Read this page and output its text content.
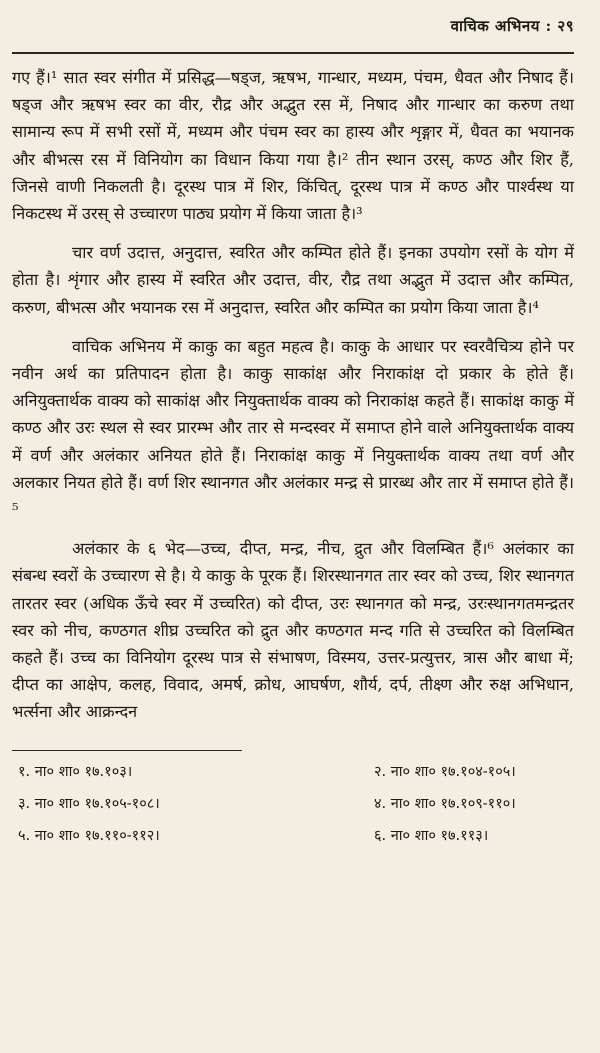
वाचिक अभिनय : २९

गए हैं।¹ सात स्वर संगीत में प्रसिद्ध—षड्ज, ऋषभ, गान्धार, मध्यम, पंचम, धैवत और निषाद हैं। षड्ज और ऋषभ स्वर का वीर, रौद्र और अद्भुत रस में, निषाद और गान्धार का करुण तथा सामान्य रूप में सभी रसों में, मध्यम और पंचम स्वर का हास्य और शृङ्गार में, धैवत का भयानक और बीभत्स रस में विनियोग का विधान किया गया है।² तीन स्थान उरस्, कण्ठ और शिर हैं, जिनसे वाणी निकलती है। दूरस्थ पात्र में शिर, किंचित्, दूरस्थ पात्र में कण्ठ और पार्श्वस्थ या निकटस्थ में उरस् से उच्चारण पाठ्य प्रयोग में किया जाता है।³

चार वर्ण उदात्त, अनुदात्त, स्वरित और कम्पित होते हैं। इनका उपयोग रसों के योग में होता है। शृंगार और हास्य में स्वरित और उदात्त, वीर, रौद्र तथा अद्भुत में उदात्त और कम्पित, करुण, बीभत्स और भयानक रस में अनुदात्त, स्वरित और कम्पित का प्रयोग किया जाता है।⁴

वाचिक अभिनय में काकु का बहुत महत्व है। काकु के आधार पर स्वरवैचित्र्य होने पर नवीन अर्थ का प्रतिपादन होता है। काकु साकांक्ष और निराकांक्ष दो प्रकार के होते हैं। अनियुक्तार्थक वाक्य को साकांक्ष और नियुक्तार्थक वाक्य को निराकांक्ष कहते हैं। साकांक्ष काकु में कण्ठ और उरः स्थल से स्वर प्रारम्भ और तार से मन्दस्वर में समाप्त होने वाले अनियुक्तार्थक वाक्य में वर्ण और अलंकार अनियत होते हैं। निराकांक्ष काकु में नियुक्तार्थक वाक्य तथा वर्ण और अलकार नियत होते हैं। वर्ण शिर स्थानगत और अलंकार मन्द्र से प्रारब्ध और तार में समाप्त होते हैं।⁵

अलंकार के ६ भेद—उच्च, दीप्त, मन्द्र, नीच, द्रुत और विलम्बित हैं।⁶ अलंकार का संबन्ध स्वरों के उच्चारण से है। ये काकु के पूरक हैं। शिरस्थानगत तार स्वर को उच्च, शिर स्थानगत तारतर स्वर (अधिक ऊँचे स्वर में उच्चरित) को दीप्त, उरः स्थानगत को मन्द्र, उरःस्थानगतमन्द्रतर स्वर को नीच, कण्ठगत शीघ्र उच्चरित को द्रुत और कण्ठगत मन्द गति से उच्चरित को विलम्बित कहते हैं। उच्च का विनियोग दूरस्थ पात्र से संभाषण, विस्मय, उत्तर-प्रत्युत्तर, त्रास और बाधा में; दीप्त का आक्षेप, कलह, विवाद, अमर्ष, क्रोध, आघर्षण, शौर्य, दर्प, तीक्ष्ण और रुक्ष अभिधान, भर्त्सना और आक्रन्दन

१. ना० शा० १७.१०३।	२. ना० शा० १७.१०४-१०५।
३. ना० शा० १७.१०५-१०८।	४. ना० शा० १७.१०९-११०।
५. ना० शा० १७.११०-११२।	६. ना० शा० १७.११३।
